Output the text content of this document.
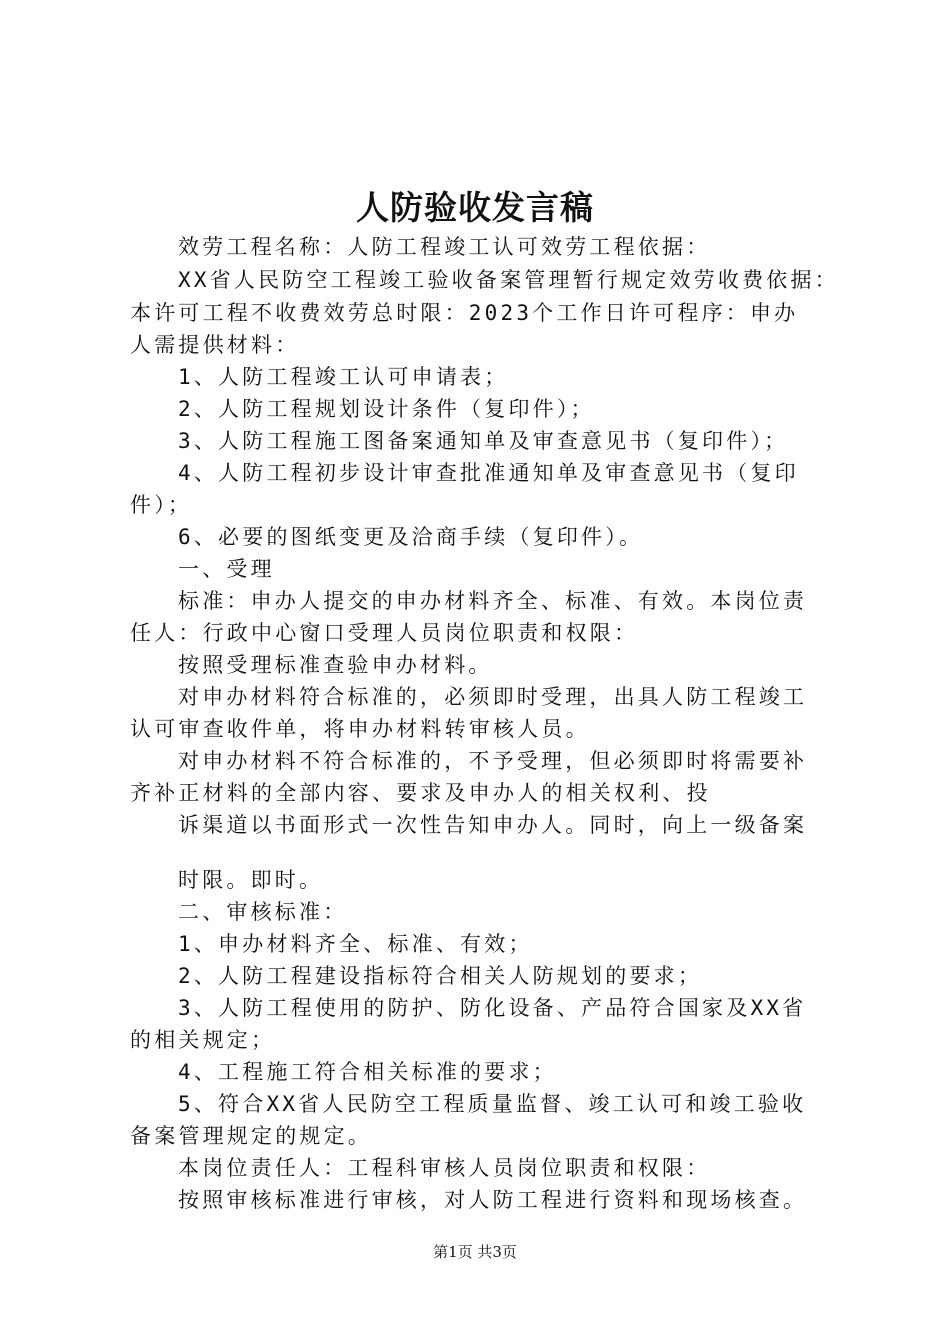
人防验收发言稿
效劳工程名称：人防工程竣工认可效劳工程依据：
XX省人民防空工程竣工验收备案管理暂行规定效劳收费依据：
本许可工程不收费效劳总时限：2023个工作日许可程序：申办
人需提供材料：
1、人防工程竣工认可申请表；
2、人防工程规划设计条件（复印件）；
3、人防工程施工图备案通知单及审查意见书（复印件）；
4、人防工程初步设计审查批准通知单及审查意见书（复印
件）；
6、必要的图纸变更及洽商手续（复印件）。
一、受理
标准：申办人提交的申办材料齐全、标准、有效。本岗位责
任人：行政中心窗口受理人员岗位职责和权限：
按照受理标准查验申办材料。
对申办材料符合标准的，必须即时受理，出具人防工程竣工
认可审查收件单，将申办材料转审核人员。
对申办材料不符合标准的，不予受理，但必须即时将需要补
齐补正材料的全部内容、要求及申办人的相关权利、投
诉渠道以书面形式一次性告知申办人。同时，向上一级备案
时限。即时。
二、审核标准：
1、申办材料齐全、标准、有效；
2、人防工程建设指标符合相关人防规划的要求；
3、人防工程使用的防护、防化设备、产品符合国家及XX省
的相关规定；
4、工程施工符合相关标准的要求；
5、符合XX省人民防空工程质量监督、竣工认可和竣工验收
备案管理规定的规定。
本岗位责任人：工程科审核人员岗位职责和权限：
按照审核标准进行审核，对人防工程进行资料和现场核查。
第1页 共3页
